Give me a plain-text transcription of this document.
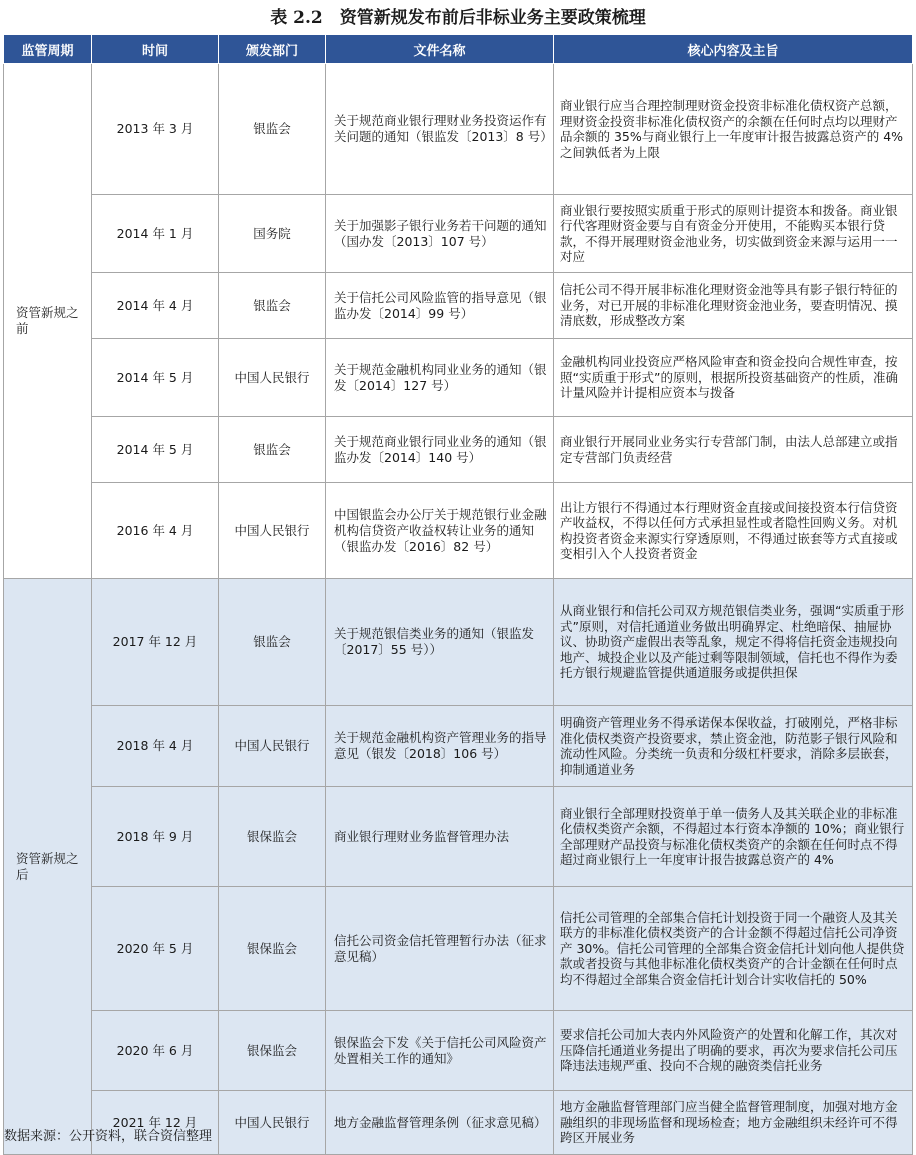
表 2.2　资管新规发布前后非标业务主要政策梳理
监管周期	时间	颁发部门	文件名称	核心内容及主旨
资管新规之前	2013 年 3 月	银监会	关于规范商业银行理财业务投资运作有关问题的通知（银监发〔2013〕8 号）	商业银行应当合理控制理财资金投资非标准化债权资产总额，理财资金投资非标准化债权资产的余额在任何时点均以理财产品余额的 35%与商业银行上一年度审计报告披露总资产的 4%之间孰低者为上限
	2014 年 1 月	国务院	关于加强影子银行业务若干问题的通知（国办发〔2013〕107 号）	商业银行要按照实质重于形式的原则计提资本和拨备。商业银行代客理财资金要与自有资金分开使用，不能购买本银行贷款，不得开展理财资金池业务，切实做到资金来源与运用一一对应
	2014 年 4 月	银监会	关于信托公司风险监管的指导意见（银监办发〔2014〕99 号）	信托公司不得开展非标准化理财资金池等具有影子银行特征的业务，对已开展的非标准化理财资金池业务，要查明情况、摸清底数，形成整改方案
	2014 年 5 月	中国人民银行	关于规范金融机构同业业务的通知（银发〔2014〕127 号）	金融机构同业投资应严格风险审查和资金投向合规性审查，按照“实质重于形式”的原则，根据所投资基础资产的性质，准确计量风险并计提相应资本与拨备
	2014 年 5 月	银监会	关于规范商业银行同业业务的通知（银监办发〔2014〕140 号）	商业银行开展同业业务实行专营部门制，由法人总部建立或指定专营部门负责经营
	2016 年 4 月	中国人民银行	中国银监会办公厅关于规范银行业金融机构信贷资产收益权转让业务的通知（银监办发〔2016〕82 号）	出让方银行不得通过本行理财资金直接或间接投资本行信贷资产收益权，不得以任何方式承担显性或者隐性回购义务。对机构投资者资金来源实行穿透原则，不得通过嵌套等方式直接或变相引入个人投资者资金
资管新规之后	2017 年 12 月	银监会	关于规范银信类业务的通知（银监发〔2017〕55 号））	从商业银行和信托公司双方规范银信类业务，强调“实质重于形式”原则，对信托通道业务做出明确界定、杜绝暗保、抽屉协议、协助资产虚假出表等乱象，规定不得将信托资金违规投向地产、城投企业以及产能过剩等限制领域，信托也不得作为委托方银行规避监管提供通道服务或提供担保
	2018 年 4 月	中国人民银行	关于规范金融机构资产管理业务的指导意见（银发〔2018〕106 号）	明确资产管理业务不得承诺保本保收益，打破刚兑，严格非标准化债权类资产投资要求，禁止资金池，防范影子银行风险和流动性风险。分类统一负责和分级杠杆要求，消除多层嵌套，抑制通道业务
	2018 年 9 月	银保监会	商业银行理财业务监督管理办法	商业银行全部理财投资单于单一债务人及其关联企业的非标准化债权类资产余额，不得超过本行资本净额的 10%；商业银行全部理财产品投资与标准化债权类资产的余额在任何时点不得超过商业银行上一年度审计报告披露总资产的 4%
	2020 年 5 月	银保监会	信托公司资金信托管理暂行办法（征求意见稿）	信托公司管理的全部集合信托计划投资于同一个融资人及其关联方的非标准化债权类资产的合计金额不得超过信托公司净资产 30%。信托公司管理的全部集合资金信托计划向他人提供贷款或者投资与其他非标准化债权类资产的合计金额在任何时点均不得超过全部集合资金信托计划合计实收信托的 50%
	2020 年 6 月	银保监会	银保监会下发《关于信托公司风险资产处置相关工作的通知》	要求信托公司加大表内外风险资产的处置和化解工作，其次对压降信托通道业务提出了明确的要求，再次为要求信托公司压降违法违规严重、投向不合规的融资类信托业务
	2021 年 12 月	中国人民银行	地方金融监督管理条例（征求意见稿）	地方金融监督管理部门应当健全监督管理制度，加强对地方金融组织的非现场监督和现场检查；地方金融组织未经许可不得跨区开展业务
数据来源：公开资料，联合资信整理
